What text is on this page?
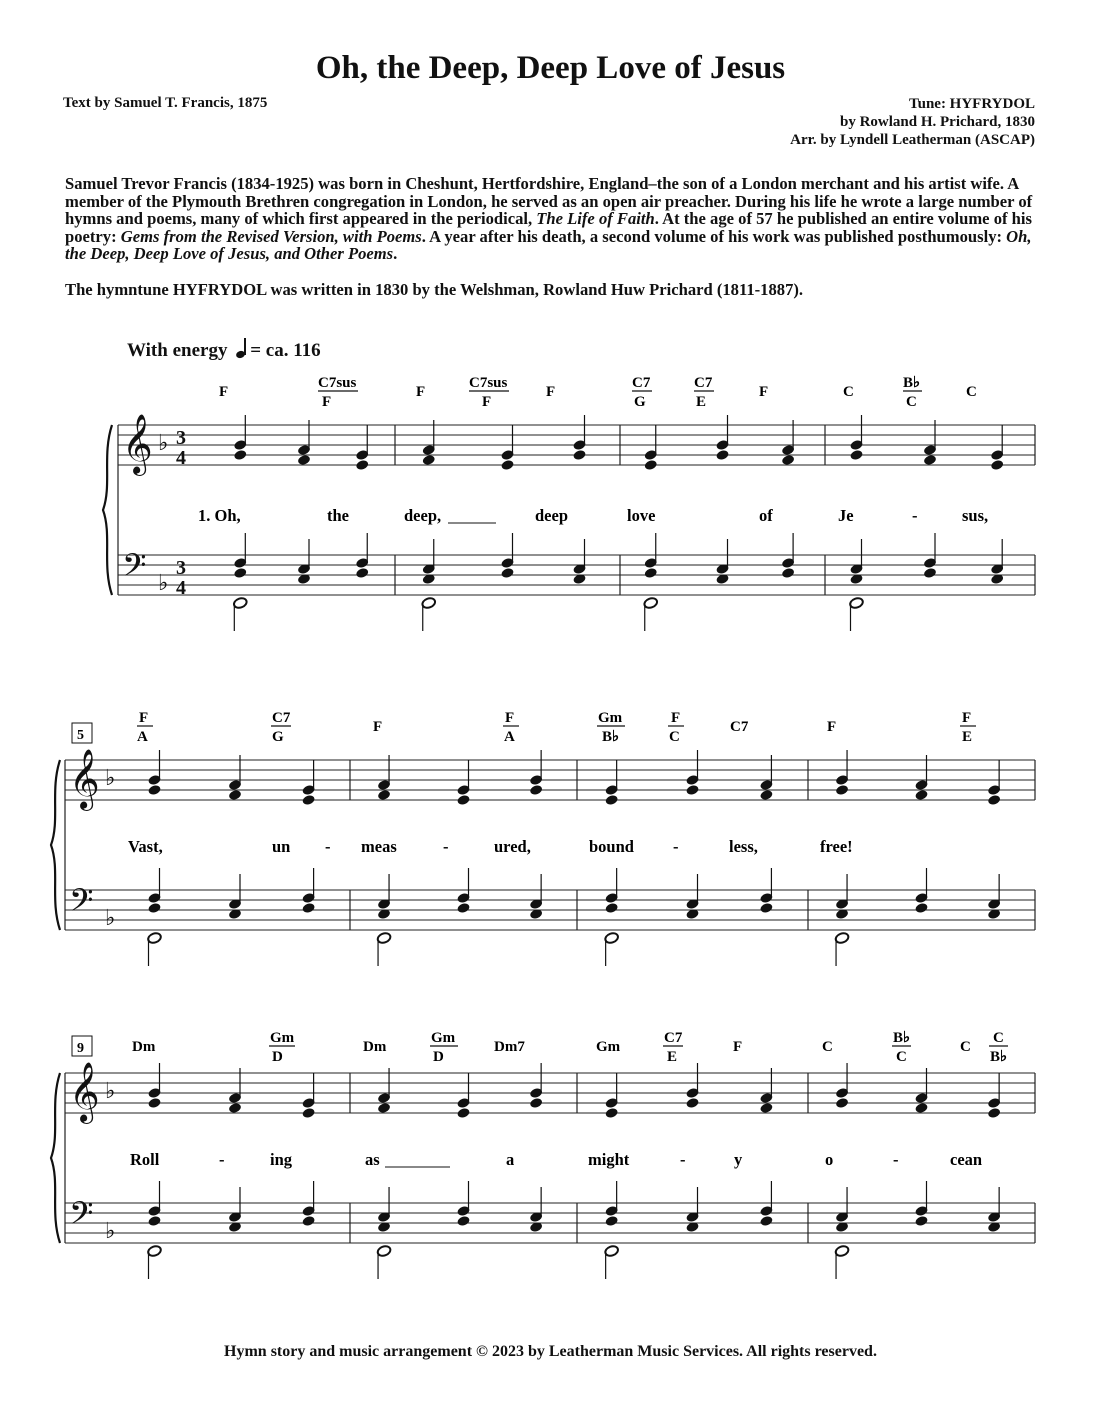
Oh, the Deep, Deep Love of Jesus
Text by Samuel T. Francis, 1875	Tune: HYFRYDOL
by Rowland H. Prichard, 1830
Arr. by Lyndell Leatherman (ASCAP)
Samuel Trevor Francis (1834-1925) was born in Cheshunt, Hertfordshire, England–the son of a London merchant and his artist wife. A member of the Plymouth Brethren congregation in London, he served as an open air preacher. During his life he wrote a large number of hymns and poems, many of which first appeared in the periodical, The Life of Faith. At the age of 57 he published an entire volume of his poetry: Gems from the Revised Version, with Poems. A year after his death, a second volume of his work was published posthumously: Oh, the Deep, Deep Love of Jesus, and Other Poems.
The hymntune HYFRYDOL was written in 1830 by the Welshman, Rowland Huw Prichard (1811-1887).
With energy = ca. 116
♭
𝄞 3
4
♭
𝄢 3
4
♭
𝄞
♭
𝄢
♭
𝄞
♭
𝄢
F
C7sus
F
F
C7sus
F
F
C7
G
C7
E
F	C
B♭
C
C
1. Oh,	the	deep,	deep	love	of	Je	-	sus,
5
F
A
C7
G
F
F
A
Gm
B♭
F
C
C7	F
F
E
Vast,	un - meas	-	ured,	bound -	less,	free!
9	Dm
Gm
D
Dm
Gm
D
Dm7	Gm
C7
E
F	C
B♭
C
C
C
B♭
Roll	-	ing	as	a	might	-	y	o	-	cean
Hymn story and music arrangement © 2023 by Leatherman Music Services. All rights reserved.
